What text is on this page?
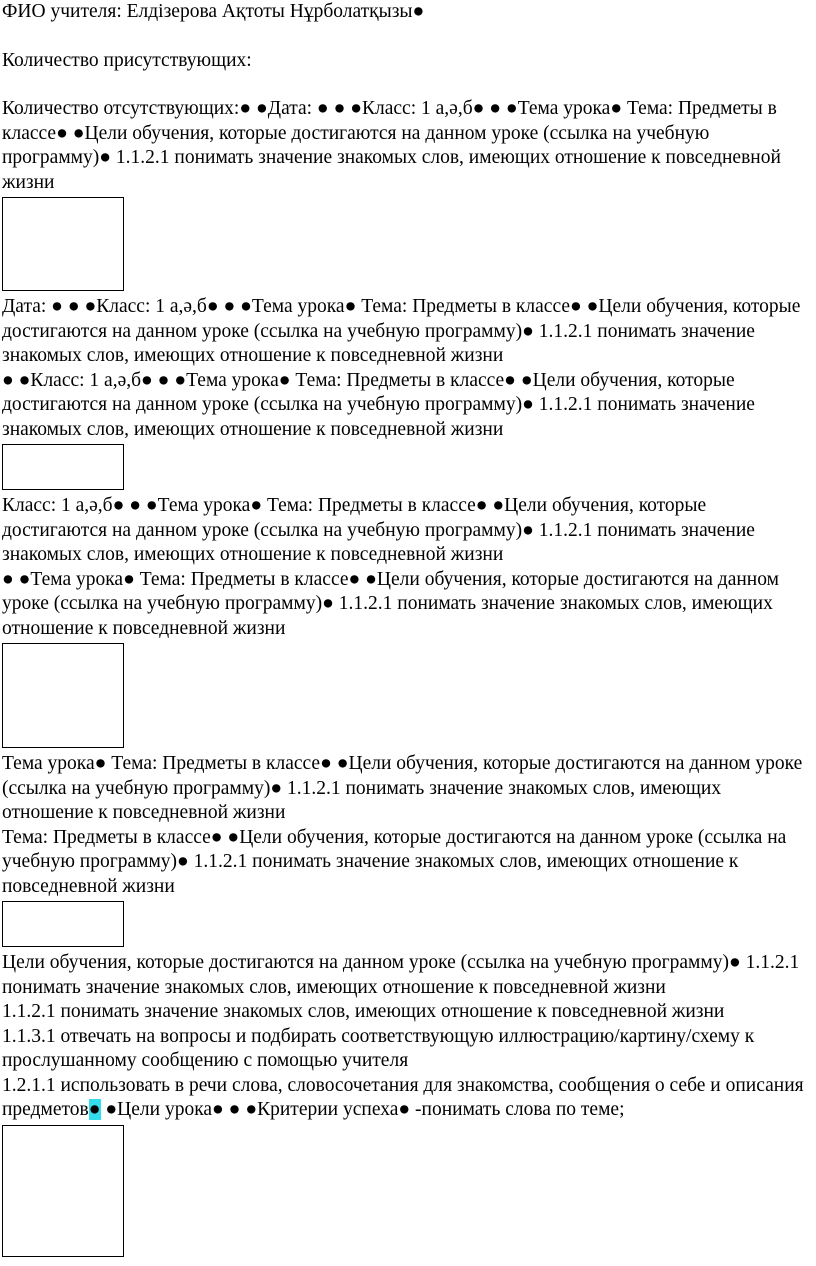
ФИО учителя: Елдiзерова Ақтоты Нұрболатқызы●

Количество присутствующих:

Количество отсутствующих:● ●Дата: ● ● ●Класс: 1 а,ә,б● ● ●Тема урока● Тема: Предметы в классе● ●Цели обучения, которые достигаются на данном уроке (ссылка на учебную программу)● 1.1.2.1 понимать значение знакомых слов, имеющих отношение к повседневной жизни

Дата: ● ● ●Класс: 1 а,ә,б● ● ●Тема урока● Тема: Предметы в классе● ●Цели обучения, которые достигаются на данном уроке (ссылка на учебную программу)● 1.1.2.1 понимать значение знакомых слов, имеющих отношение к повседневной жизни

● ●Класс: 1 а,ә,б● ● ●Тема урока● Тема: Предметы в классе● ●Цели обучения, которые достигаются на данном уроке (ссылка на учебную программу)● 1.1.2.1 понимать значение знакомых слов, имеющих отношение к повседневной жизни

Класс: 1 а,ә,б● ● ●Тема урока● Тема: Предметы в классе● ●Цели обучения, которые достигаются на данном уроке (ссылка на учебную программу)● 1.1.2.1 понимать значение знакомых слов, имеющих отношение к повседневной жизни

● ●Тема урока● Тема: Предметы в классе● ●Цели обучения, которые достигаются на данном уроке (ссылка на учебную программу)● 1.1.2.1 понимать значение знакомых слов, имеющих отношение к повседневной жизни

Тема урока● Тема: Предметы в классе● ●Цели обучения, которые достигаются на данном уроке (ссылка на учебную программу)● 1.1.2.1 понимать значение знакомых слов, имеющих отношение к повседневной жизни

Тема: Предметы в классе● ●Цели обучения, которые достигаются на данном уроке (ссылка на учебную программу)● 1.1.2.1 понимать значение знакомых слов, имеющих отношение к повседневной жизни

Цели обучения, которые достигаются на данном уроке (ссылка на учебную программу)● 1.1.2.1 понимать значение знакомых слов, имеющих отношение к повседневной жизни

1.1.2.1 понимать значение знакомых слов, имеющих отношение к повседневной жизни

1.1.3.1 отвечать на вопросы и подбирать соответствующую иллюстрацию/картину/схему к прослушанному сообщению с помощью учителя

1.2.1.1 использовать в речи слова, словосочетания для знакомства, сообщения о себе и описания предметов● ●Цели урока● ● ●Критерии успеха● -понимать слова по теме;
